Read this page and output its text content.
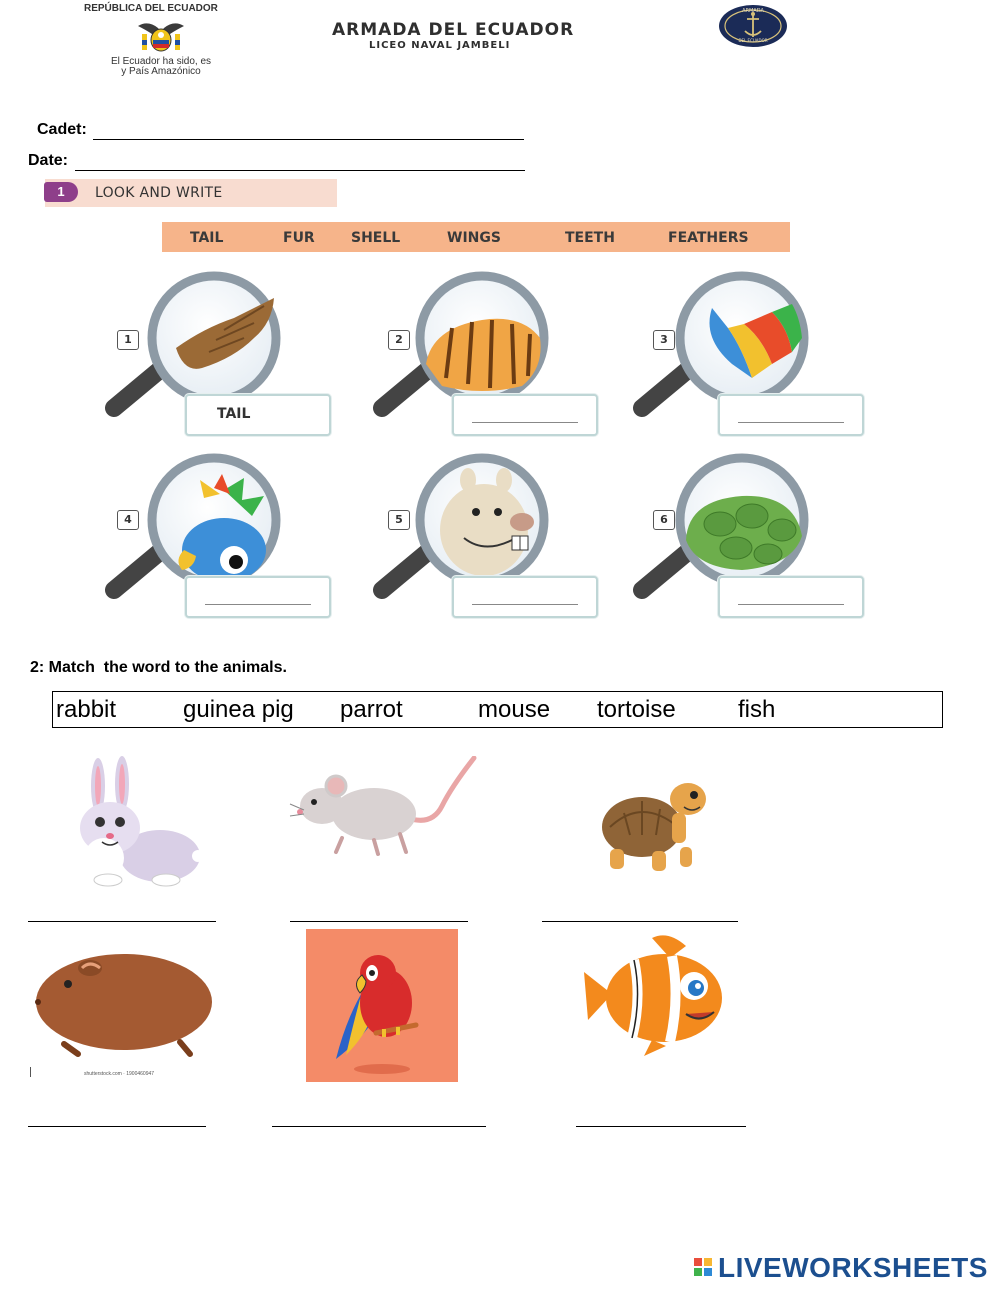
REPÚBLICA DEL ECUADOR
El Ecuador ha sido, es
y País Amazónico
ARMADA DEL ECUADOR
LICEO NAVAL JAMBELI
ARMADA
DEL ECUADOR
Cadet:
Date:
1	LOOK AND WRITE
TAIL	FUR	SHELL	WINGS	TEETH	FEATHERS
1
TAIL
2	3
4	5	6
2: Match  the word to the animals.
rabbit	guinea pig parrot	mouse tortoise	fish
shutterstock.com · 1900460947
LIVEWORKSHEETS
